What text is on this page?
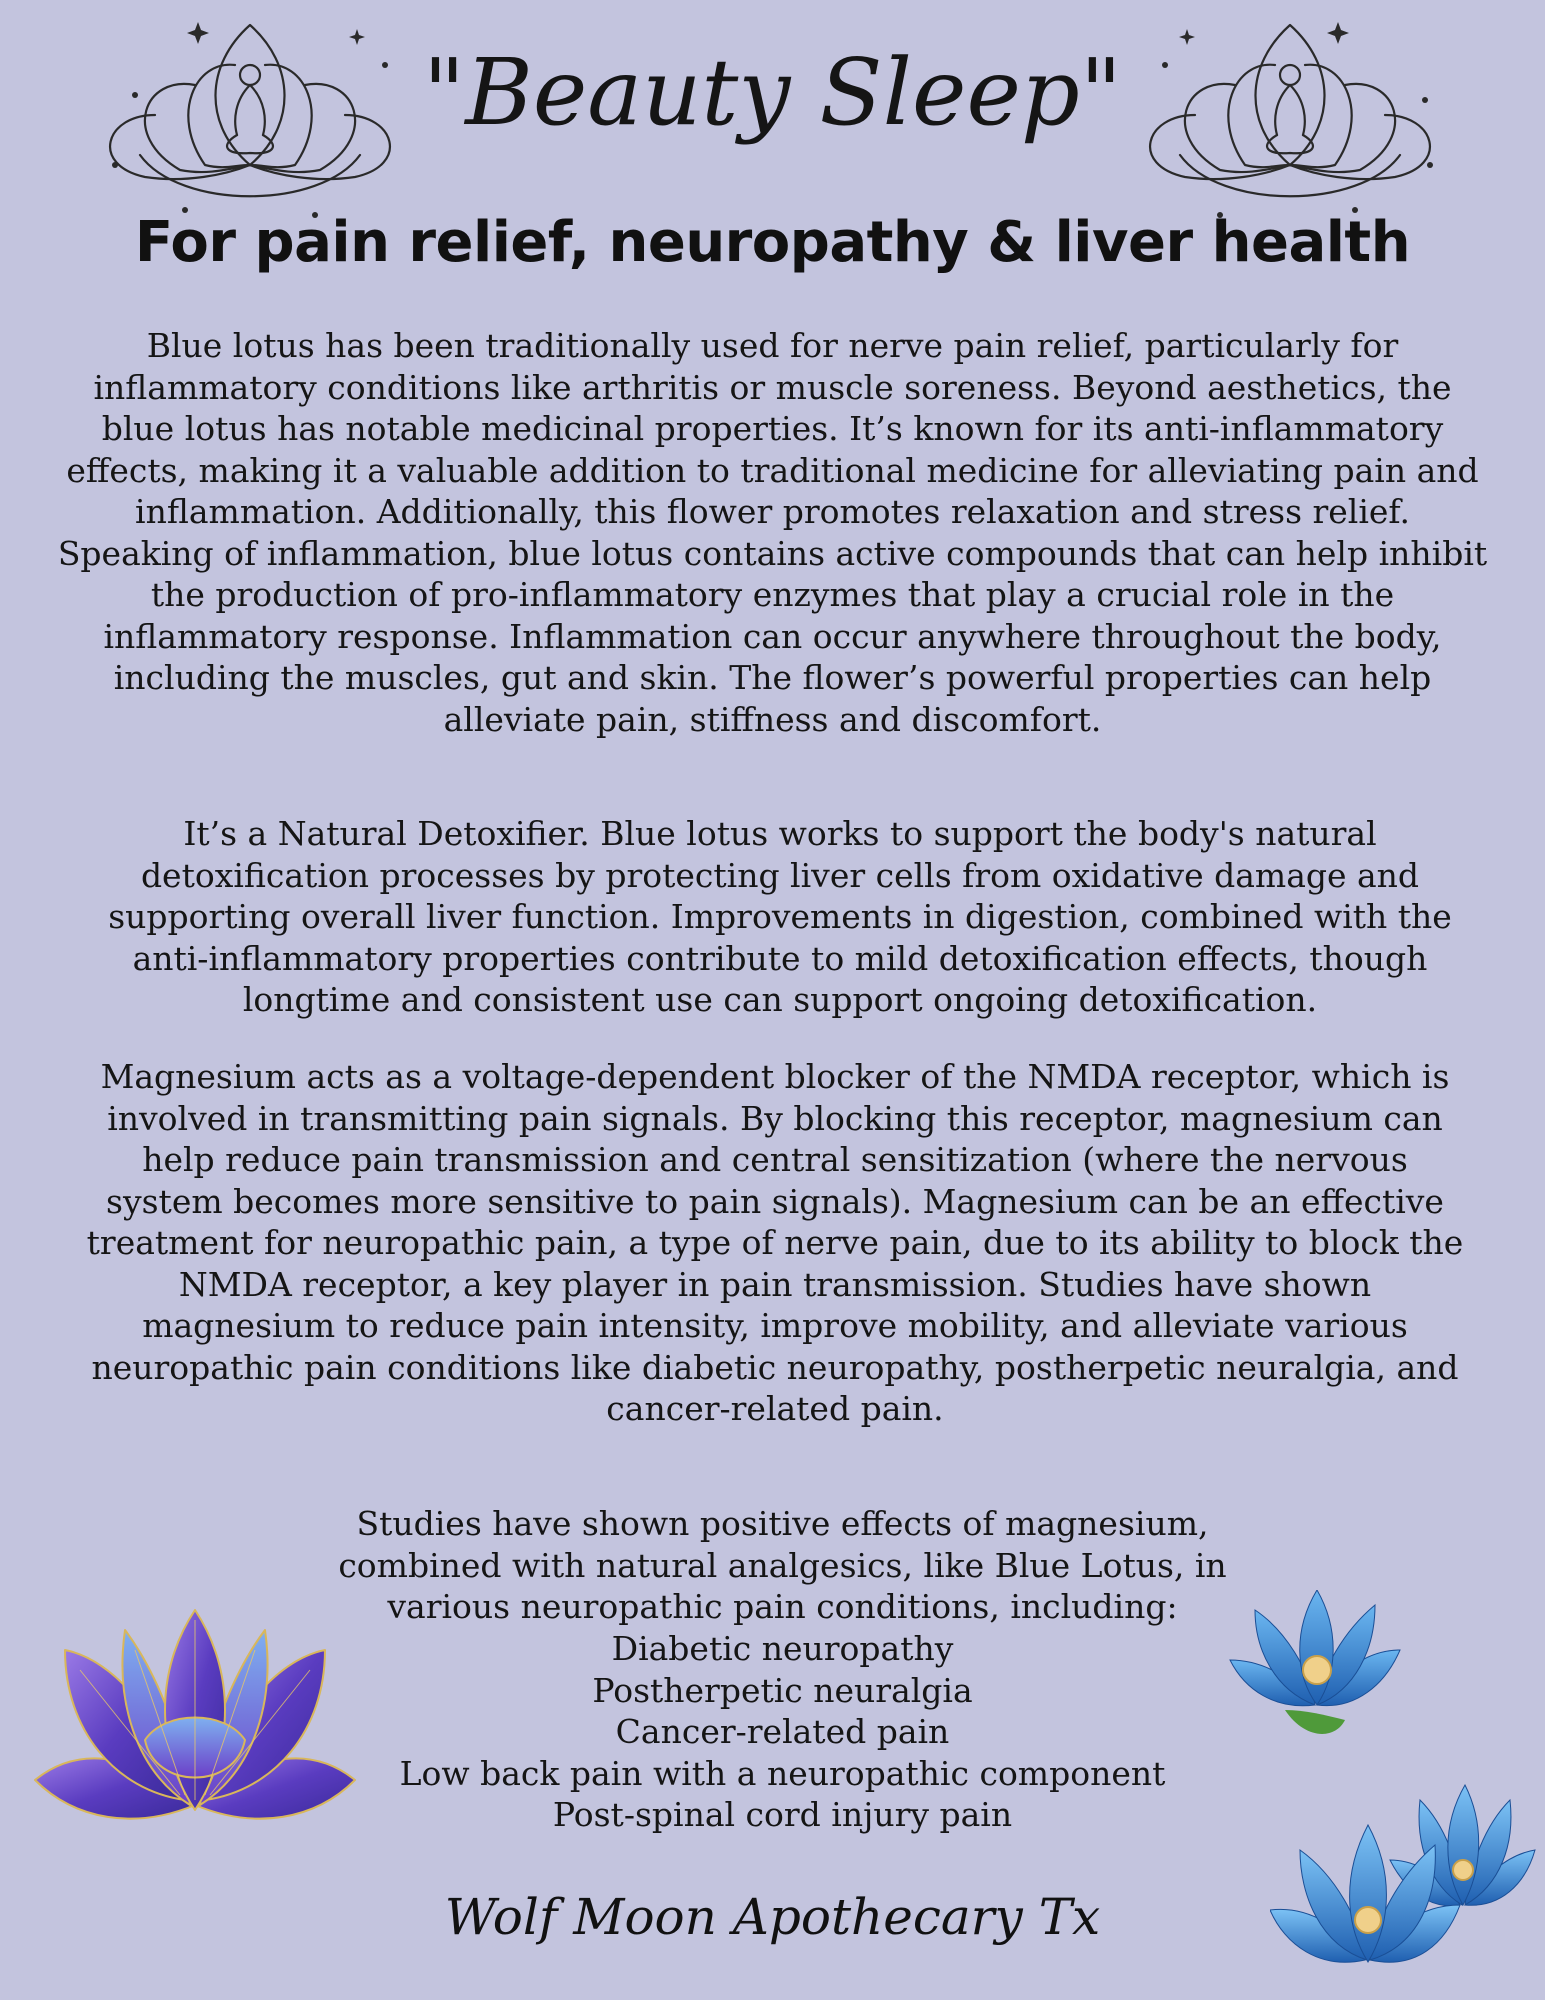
"Beauty Sleep"
For pain relief, neuropathy & liver health
Blue lotus has been traditionally used for nerve pain relief, particularly for inflammatory conditions like arthritis or muscle soreness. Beyond aesthetics, the blue lotus has notable medicinal properties. It’s known for its anti-inflammatory effects, making it a valuable addition to traditional medicine for alleviating pain and inflammation. Additionally, this flower promotes relaxation and stress relief. Speaking of inflammation, blue lotus contains active compounds that can help inhibit the production of pro-inflammatory enzymes that play a crucial role in the inflammatory response. Inflammation can occur anywhere throughout the body, including the muscles, gut and skin. The flower’s powerful properties can help alleviate pain, stiffness and discomfort.
It’s a Natural Detoxifier. Blue lotus works to support the body's natural detoxification processes by protecting liver cells from oxidative damage and supporting overall liver function. Improvements in digestion, combined with the anti-inflammatory properties contribute to mild detoxification effects, though longtime and consistent use can support ongoing detoxification.
Magnesium acts as a voltage-dependent blocker of the NMDA receptor, which is involved in transmitting pain signals. By blocking this receptor, magnesium can help reduce pain transmission and central sensitization (where the nervous system becomes more sensitive to pain signals). Magnesium can be an effective treatment for neuropathic pain, a type of nerve pain, due to its ability to block the NMDA receptor, a key player in pain transmission. Studies have shown magnesium to reduce pain intensity, improve mobility, and alleviate various neuropathic pain conditions like diabetic neuropathy, postherpetic neuralgia, and cancer-related pain.
Studies have shown positive effects of magnesium, combined with natural analgesics, like Blue Lotus, in various neuropathic pain conditions, including:
Diabetic neuropathy
Postherpetic neuralgia
Cancer-related pain
Low back pain with a neuropathic component
Post-spinal cord injury pain
Wolf Moon Apothecary Tx
